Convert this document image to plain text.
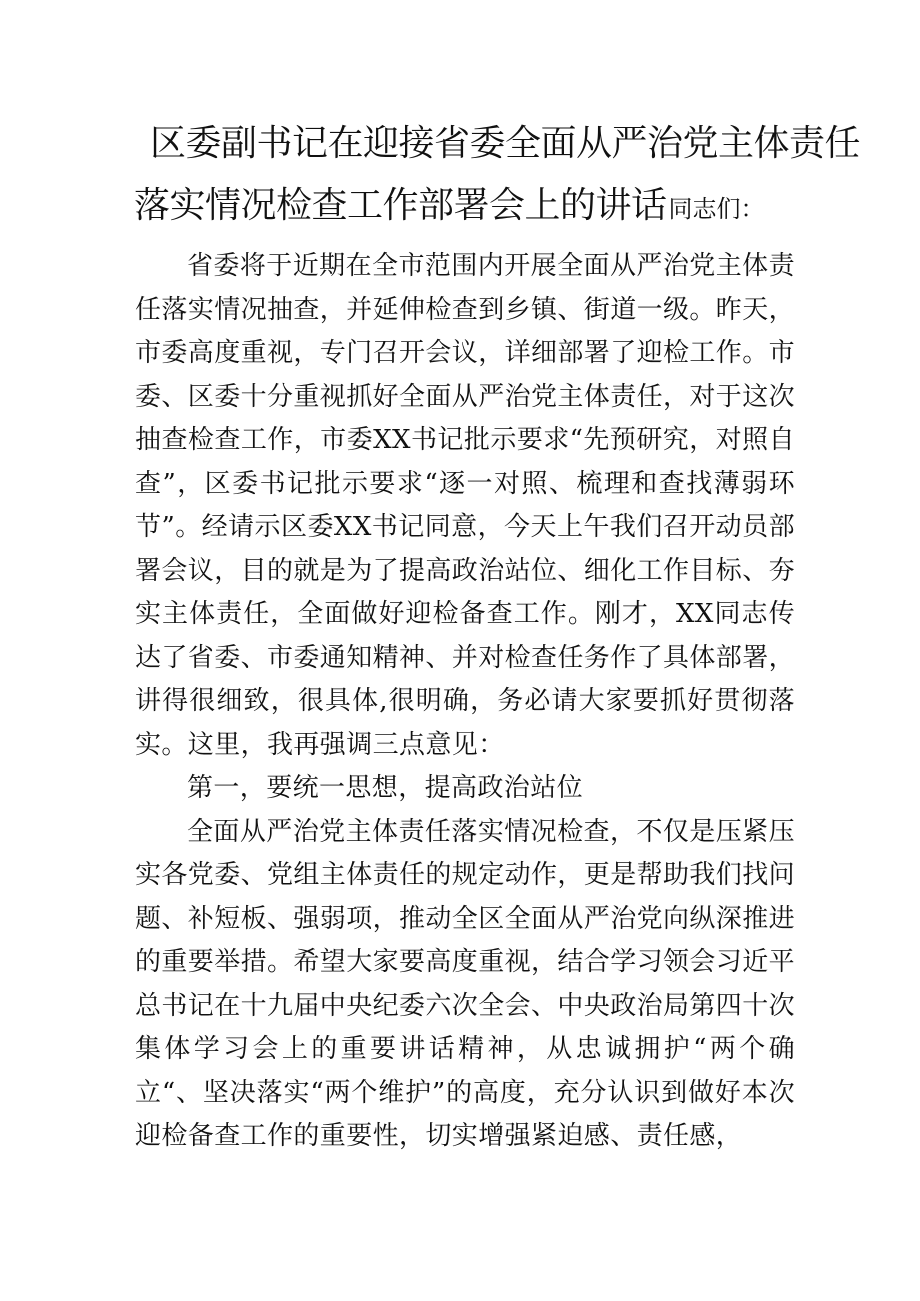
区委副书记在迎接省委全面从严治党主体责任
落实情况检查工作部署会上的讲话同志们：

省委将于近期在全市范围内开展全面从严治党主体责任落实情况抽查，并延伸检查到乡镇、街道一级。昨天，市委高度重视，专门召开会议，详细部署了迎检工作。市委、区委十分重视抓好全面从严治党主体责任，对于这次抽查检查工作，市委XX书记批示要求“先预研究，对照自查”，区委书记批示要求“逐一对照、梳理和查找薄弱环节”。经请示区委XX书记同意，今天上午我们召开动员部署会议，目的就是为了提高政治站位、细化工作目标、夯实主体责任，全面做好迎检备查工作。刚才，XX同志传达了省委、市委通知精神、并对检查任务作了具体部署，讲得很细致，很具体,很明确，务必请大家要抓好贯彻落实。这里，我再强调三点意见：

第一，要统一思想，提高政治站位

全面从严治党主体责任落实情况检查，不仅是压紧压实各党委、党组主体责任的规定动作，更是帮助我们找问题、补短板、强弱项，推动全区全面从严治党向纵深推进的重要举措。希望大家要高度重视，结合学习领会习近平总书记在十九届中央纪委六次全会、中央政治局第四十次集体学习会上的重要讲话精神，从忠诚拥护“两个确立“、坚决落实“两个维护”的高度，充分认识到做好本次迎检备查工作的重要性，切实增强紧迫感、责任感，
